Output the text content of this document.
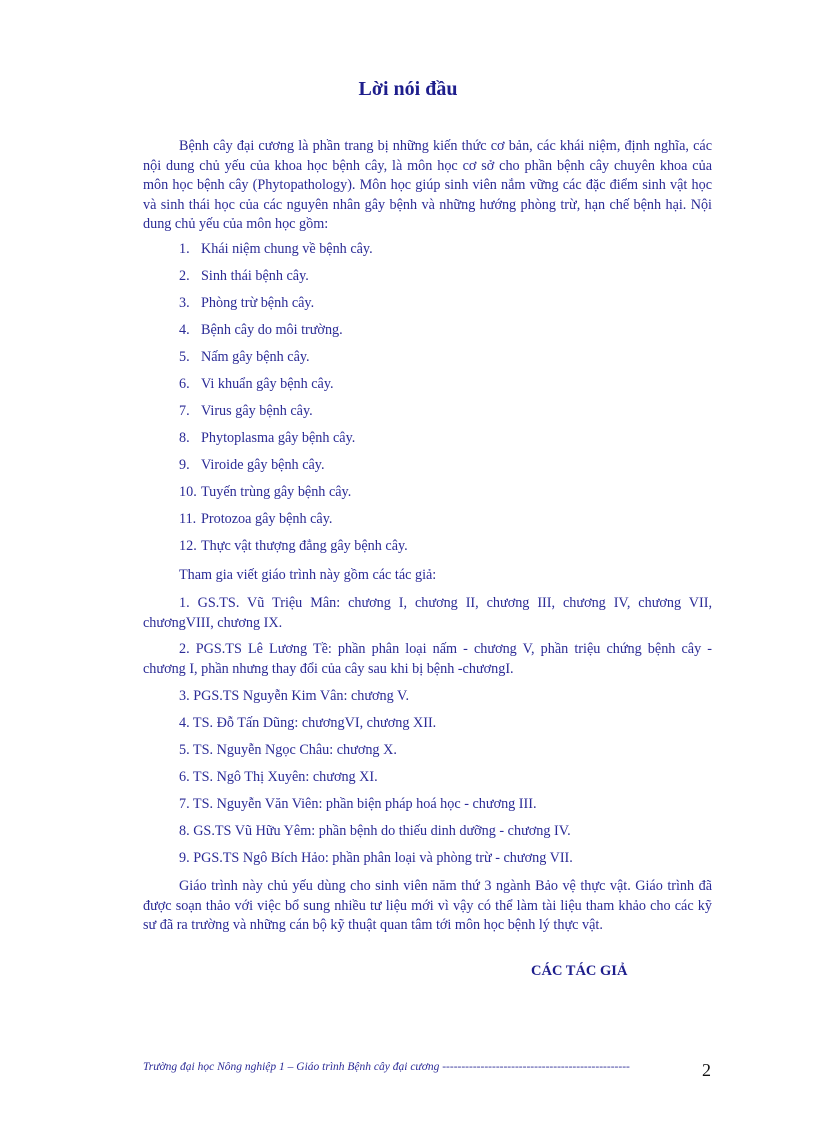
Lời nói đầu

Bệnh cây đại cương là phần trang bị những kiến thức cơ bản, các khái niệm, định nghĩa, các nội dung chủ yếu của khoa học bệnh cây, là môn học cơ sở cho phần bệnh cây chuyên khoa của môn học bệnh cây (Phytopathology). Môn học giúp sinh viên nắm vững các đặc điểm sinh vật học và sinh thái học của các nguyên nhân gây bệnh và những hướng phòng trừ, hạn chế bệnh hại. Nội dung chủ yếu của môn học gồm:

1. Khái niệm chung về bệnh cây.
2. Sinh thái bệnh cây.
3. Phòng trừ bệnh cây.
4. Bệnh cây do môi trường.
5. Nấm gây bệnh cây.
6. Vi khuẩn gây bệnh cây.
7. Virus gây bệnh cây.
8. Phytoplasma gây bệnh cây.
9. Viroide gây bệnh cây.
10. Tuyến trùng gây bệnh cây.
11. Protozoa gây bệnh cây.
12. Thực vật thượng đẳng gây bệnh cây.
Tham gia viết giáo trình này gồm các tác giả:

1. GS.TS. Vũ Triệu Mân: chương I, chương II, chương III, chương IV, chương VII, chươngVIII, chương IX.

2. PGS.TS Lê Lương Tề: phần phân loại nấm - chương V, phần triệu chứng bệnh cây - chương I, phần nhưng thay đổi của cây sau khi bị bệnh -chươngI.

3. PGS.TS Nguyễn Kim Vân: chương V.
4. TS. Đỗ Tấn Dũng: chươngVI, chương XII.
5. TS. Nguyễn Ngọc Châu: chương X.
6. TS. Ngô Thị Xuyên: chương XI.
7. TS. Nguyễn Văn Viên: phần biện pháp hoá học - chương III.
8. GS.TS Vũ Hữu Yêm: phần bệnh do thiếu dinh dưỡng - chương IV.
9. PGS.TS Ngô Bích Hảo: phần phân loại và phòng trừ - chương VII.

Giáo trình này chủ yếu dùng cho sinh viên năm thứ 3 ngành Bảo vệ thực vật. Giáo trình đã được soạn thảo với việc bổ sung nhiều tư liệu mới vì vậy có thể làm tài liệu tham khảo cho các kỹ sư đã ra trường và những cán bộ kỹ thuật quan tâm tới môn học bệnh lý thực vật.

CÁC TÁC GIẢ
Trường đại học Nông nghiệp 1 – Giáo trình Bệnh cây đại cương -------------------------------------------------	2
